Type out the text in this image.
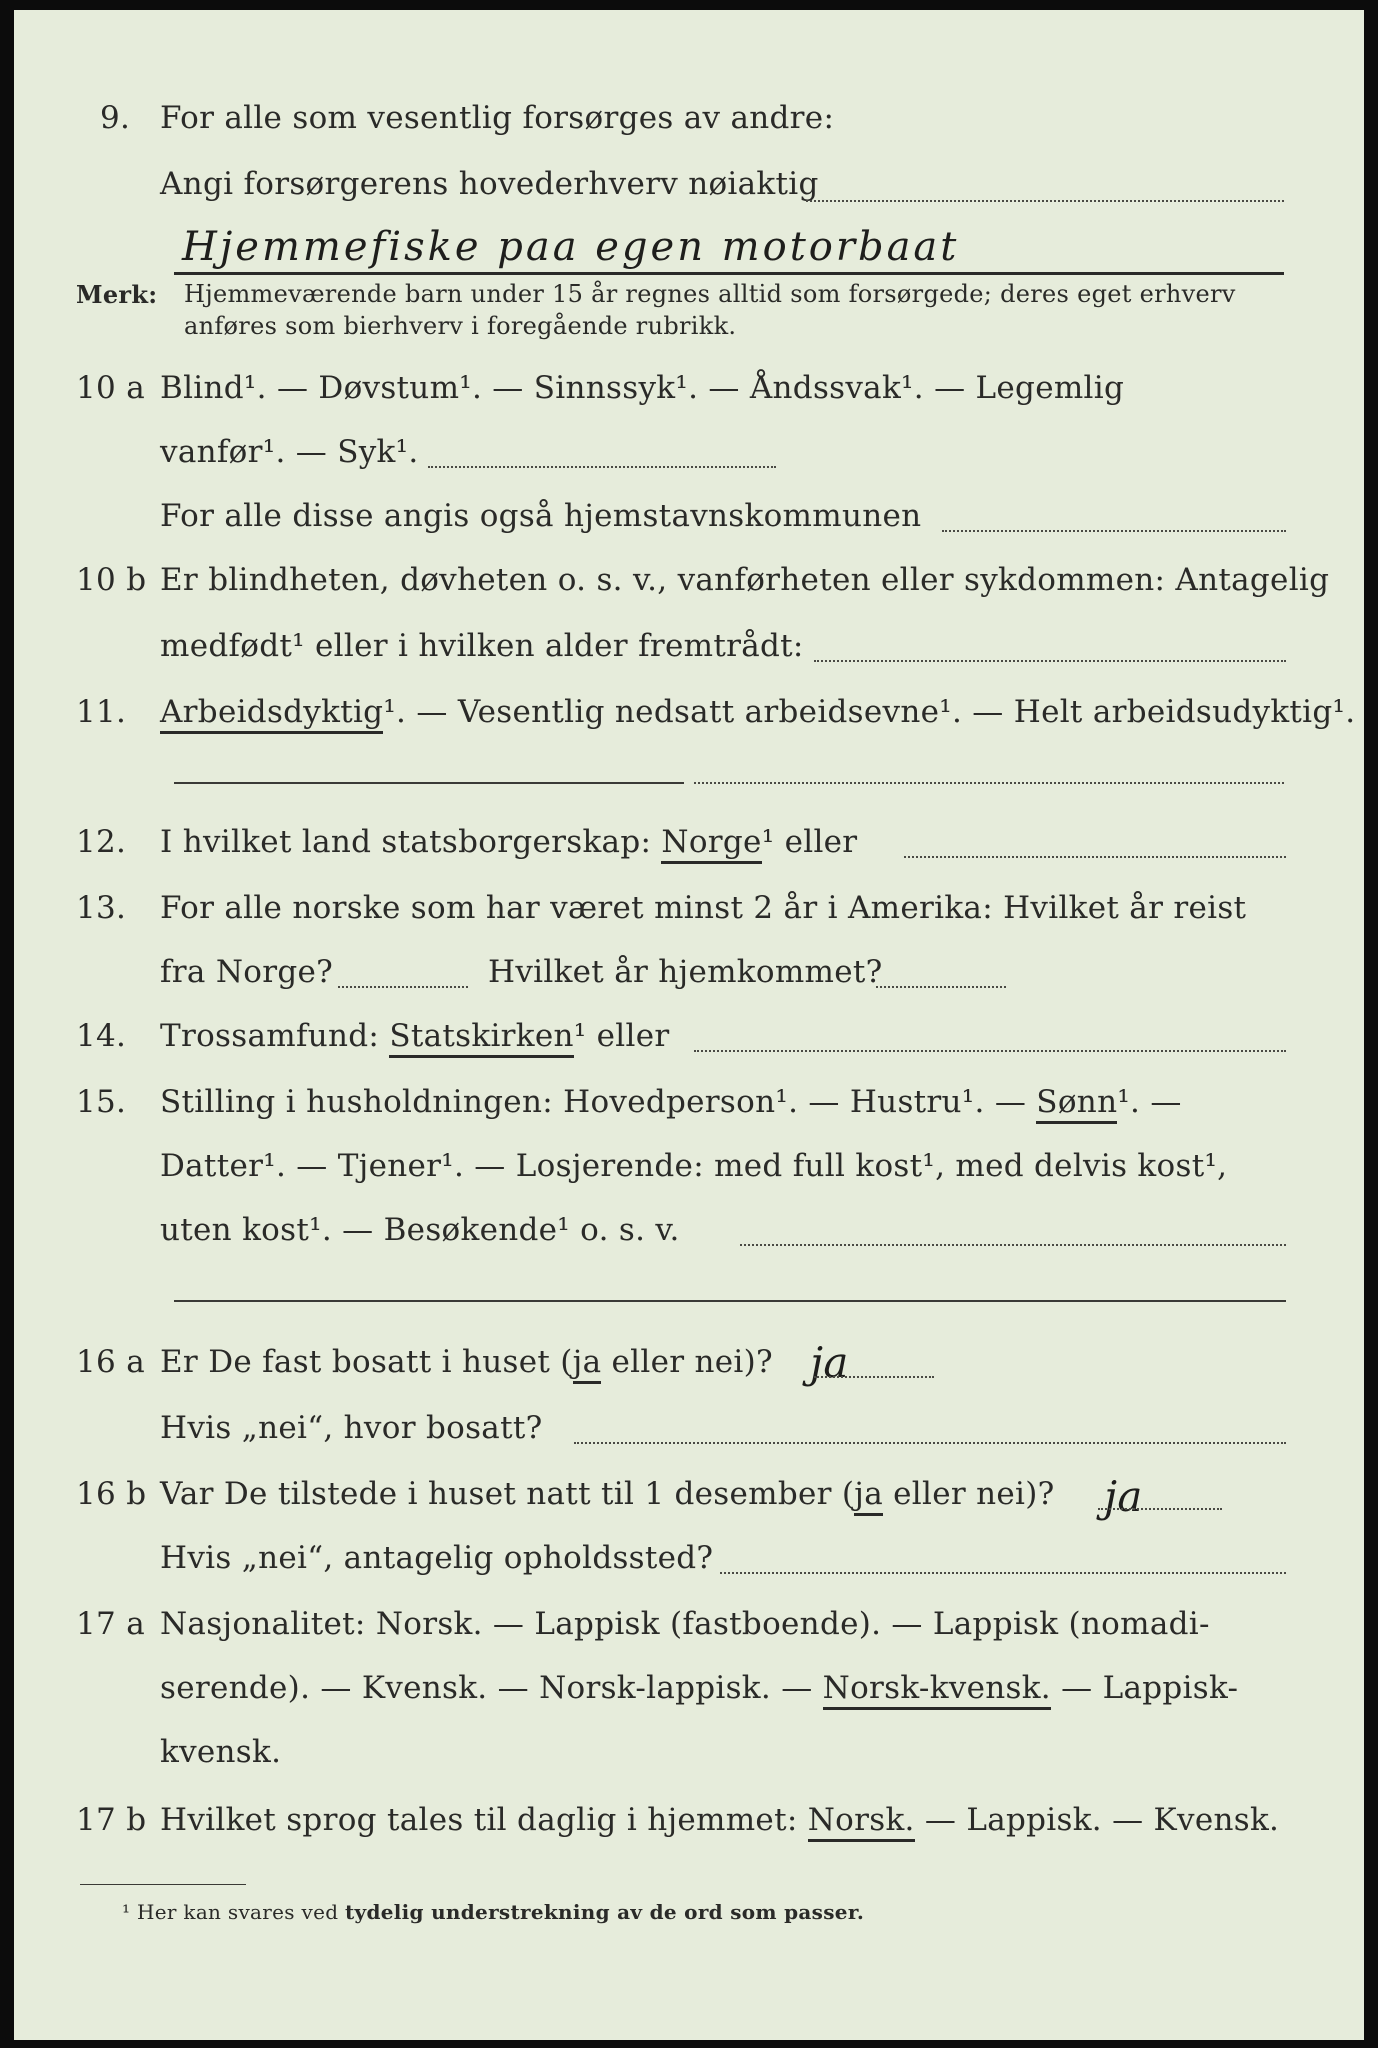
9. For alle som vesentlig forsørges av andre:
Angi forsørgerens hovederhverv nøiaktig
Hjemmefiske paa egen motorbaat
Merk: Hjemmeværende barn under 15 år regnes alltid som forsørgede; deres eget erhverv
anføres som bierhverv i foregående rubrikk.
10 a Blind¹. — Døvstum¹. — Sinnssyk¹. — Åndssvak¹. — Legemlig
vanfør¹. — Syk¹.
For alle disse angis også hjemstavnskommunen
10 b Er blindheten, døvheten o. s. v., vanførheten eller sykdommen: Antagelig
medfødt¹ eller i hvilken alder fremtrådt:
11. Arbeidsdyktig¹. — Vesentlig nedsatt arbeidsevne¹. — Helt arbeidsudyktig¹.
12. I hvilket land statsborgerskap: Norge¹ eller
13. For alle norske som har været minst 2 år i Amerika: Hvilket år reist
fra Norge?	Hvilket år hjemkommet?
14. Trossamfund: Statskirken¹ eller
15. Stilling i husholdningen: Hovedperson¹. — Hustru¹. — Sønn¹. —
Datter¹. — Tjener¹. — Losjerende: med full kost¹, med delvis kost¹,
uten kost¹. — Besøkende¹ o. s. v.
16 a Er De fast bosatt i huset (ja eller nei)? ja
Hvis „nei“, hvor bosatt?
16 b Var De tilstede i huset natt til 1 desember (ja eller nei)? ja
Hvis „nei“, antagelig opholdssted?
17 a Nasjonalitet: Norsk. — Lappisk (fastboende). — Lappisk (nomadi-
serende). — Kvensk. — Norsk-lappisk. — Norsk-kvensk. — Lappisk-
kvensk.
17 b Hvilket sprog tales til daglig i hjemmet: Norsk. — Lappisk. — Kvensk.
¹ Her kan svares ved tydelig understrekning av de ord som passer.
